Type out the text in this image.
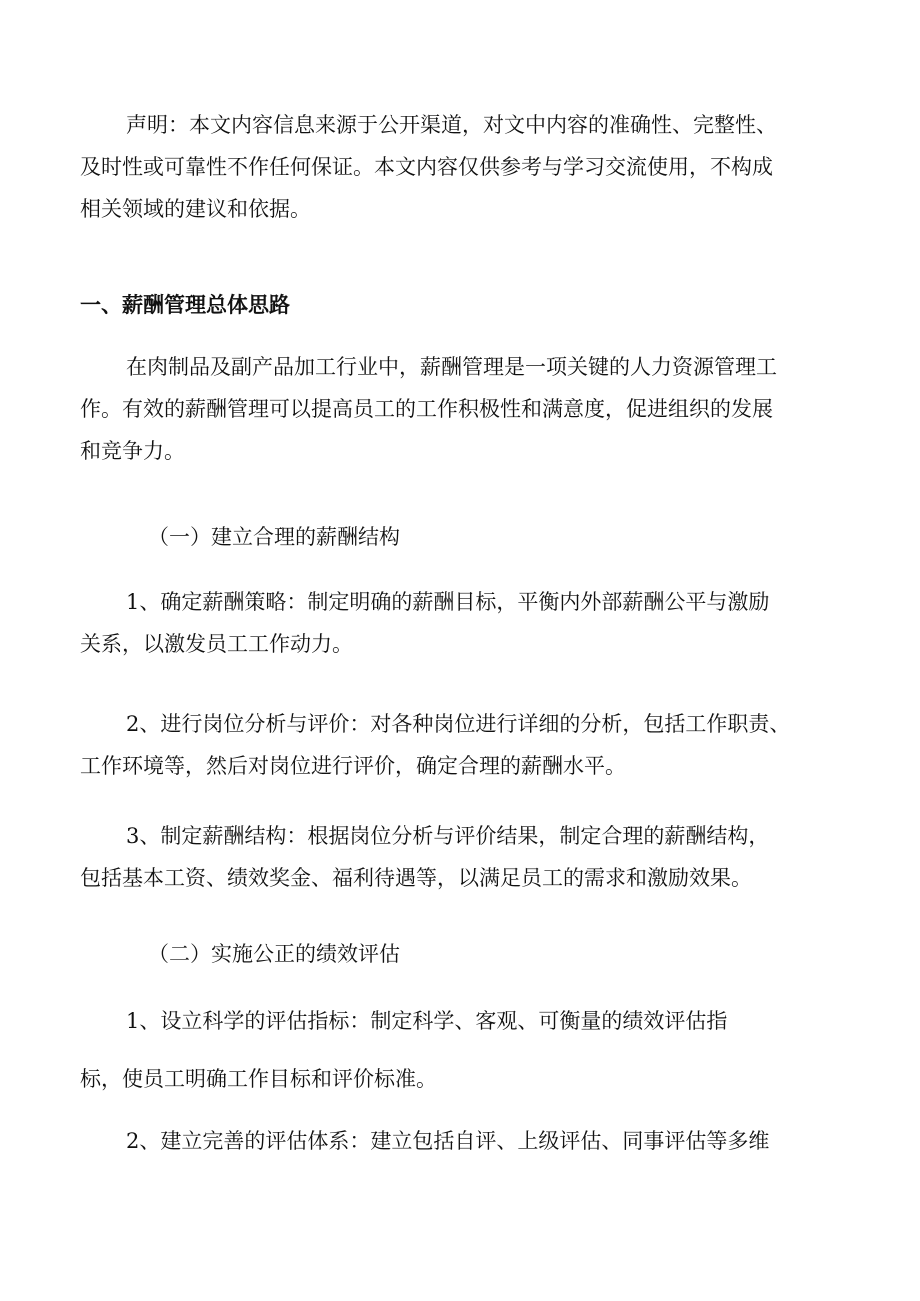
声明：本文内容信息来源于公开渠道，对文中内容的准确性、完整性、
及时性或可靠性不作任何保证。本文内容仅供参考与学习交流使用，不构成
相关领域的建议和依据。

一、薪酬管理总体思路

在肉制品及副产品加工行业中，薪酬管理是一项关键的人力资源管理工
作。有效的薪酬管理可以提高员工的工作积极性和满意度，促进组织的发展
和竞争力。

（一）建立合理的薪酬结构

1、确定薪酬策略：制定明确的薪酬目标，平衡内外部薪酬公平与激励
关系，以激发员工工作动力。

2、进行岗位分析与评价：对各种岗位进行详细的分析，包括工作职责、
工作环境等，然后对岗位进行评价，确定合理的薪酬水平。

3、制定薪酬结构：根据岗位分析与评价结果，制定合理的薪酬结构，
包括基本工资、绩效奖金、福利待遇等，以满足员工的需求和激励效果。

（二）实施公正的绩效评估

1、设立科学的评估指标：制定科学、客观、可衡量的绩效评估指
标，使员工明确工作目标和评价标准。

2、建立完善的评估体系：建立包括自评、上级评估、同事评估等多维
